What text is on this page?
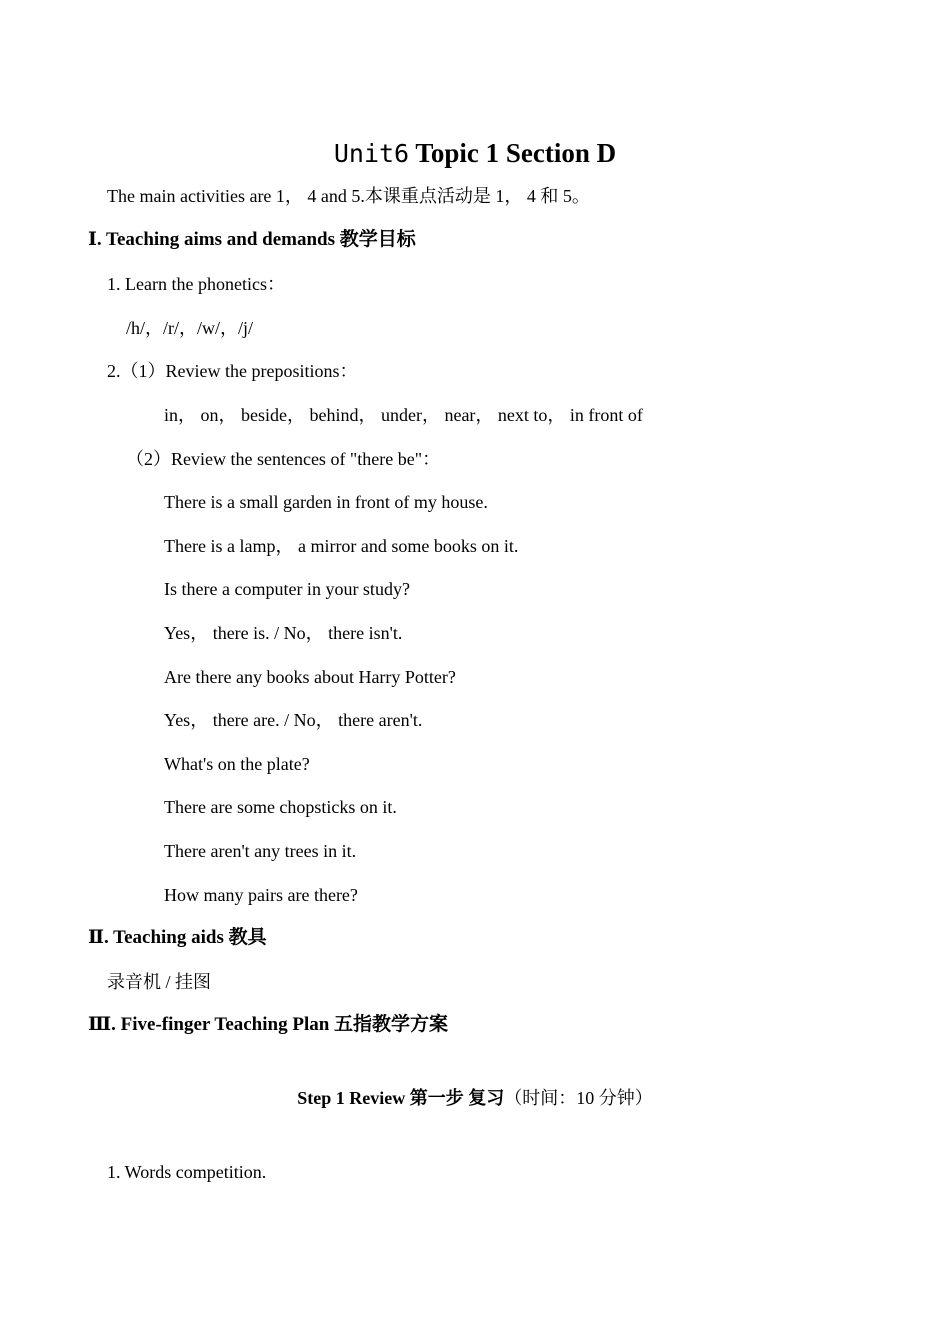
Unit6 Topic 1 Section D
The main activities are 1， 4 and 5.本课重点活动是 1， 4 和 5。
Ⅰ. Teaching aims and demands 教学目标
1. Learn the phonetics：
/h/，/r/，/w/，/j/
2.（1）Review the prepositions：
in， on， beside， behind， under， near， next to， in front of
（2）Review the sentences of "there be"：
There is a small garden in front of my house.
There is a lamp， a mirror and some books on it.
Is there a computer in your study?
Yes， there is. / No， there isn't.
Are there any books about Harry Potter?
Yes， there are. / No， there aren't.
What's on the plate?
There are some chopsticks on it.
There aren't any trees in it.
How many pairs are there?
Ⅱ. Teaching aids 教具
录音机 / 挂图
Ⅲ. Five-finger Teaching Plan 五指教学方案
Step 1 Review 第一步 复习（时间：10 分钟）
1. Words competition.
